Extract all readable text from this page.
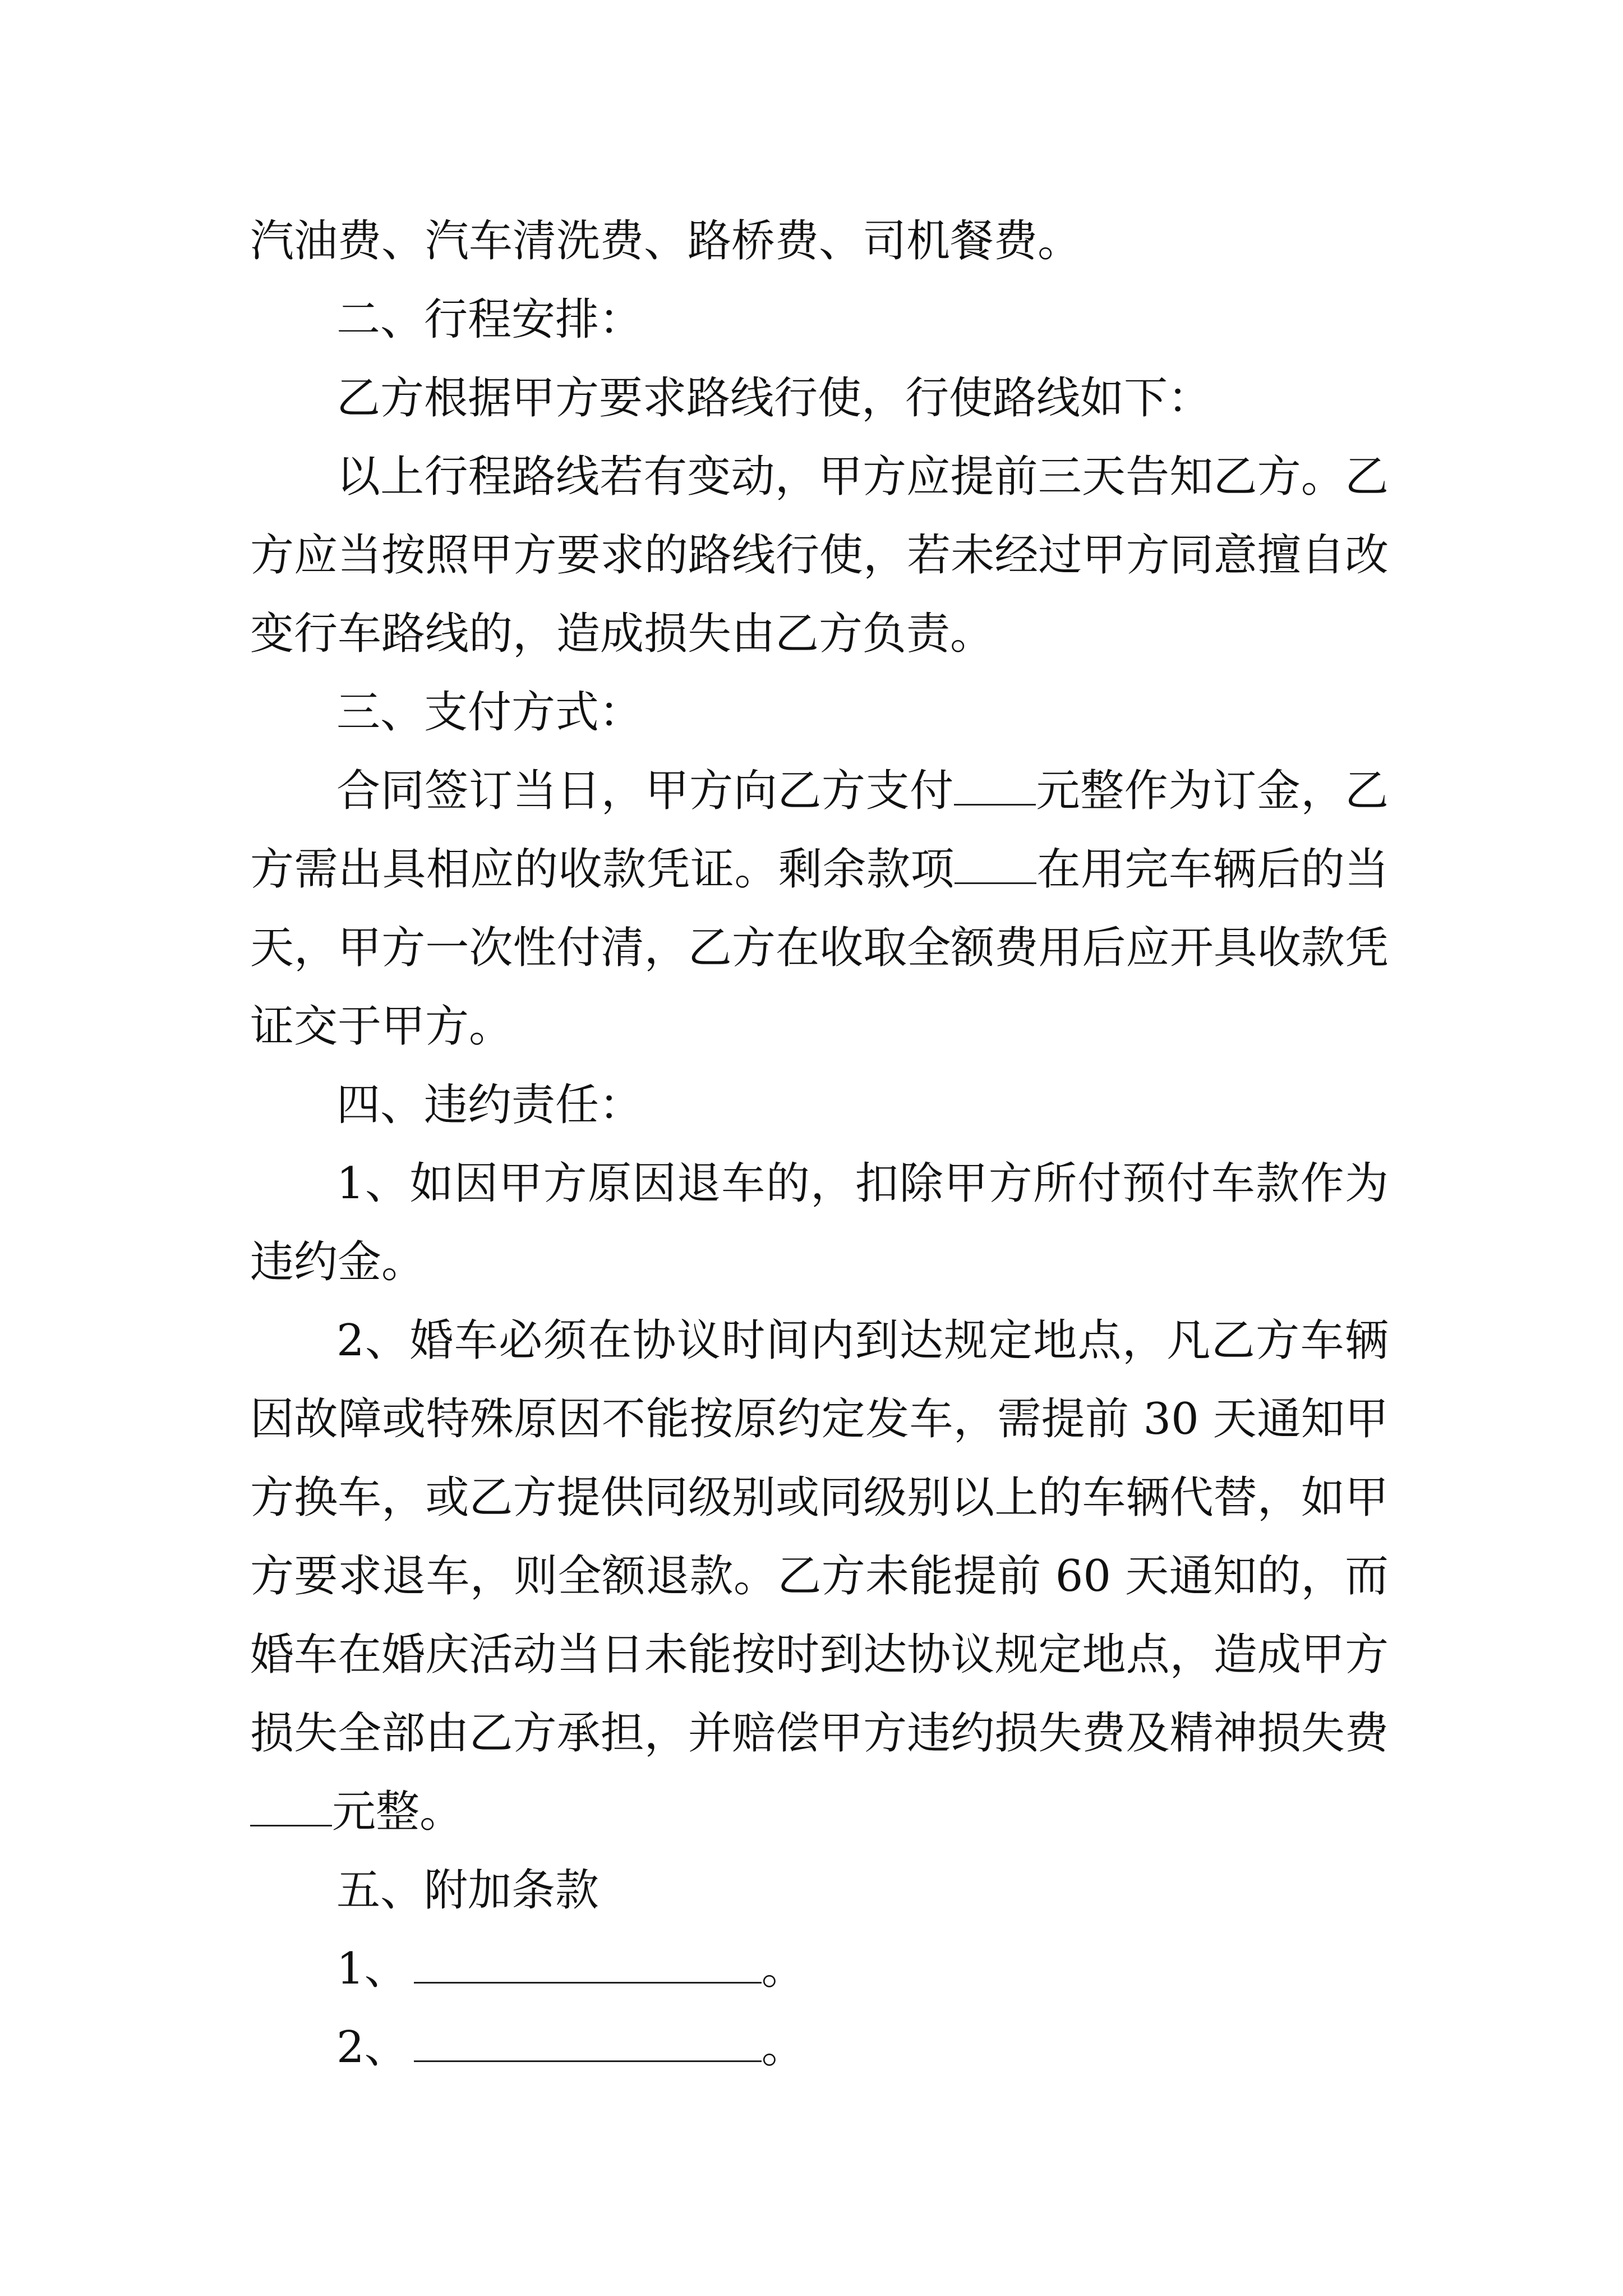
汽油费、汽车清洗费、路桥费、司机餐费。
二、行程安排：
乙方根据甲方要求路线行使，行使路线如下：
以上行程路线若有变动，甲方应提前三天告知乙方。乙
方应当按照甲方要求的路线行使，若未经过甲方同意擅自改
变行车路线的，造成损失由乙方负责。
三、支付方式：
合同签订当日，甲方向乙方支付 元整作为订金，乙
方需出具相应的收款凭证。剩余款项 在用完车辆后的当
天，甲方一次性付清，乙方在收取全额费用后应开具收款凭
证交于甲方。
四、违约责任：
1、如因甲方原因退车的，扣除甲方所付预付车款作为
违约金。
2、婚车必须在协议时间内到达规定地点，凡乙方车辆
因故障或特殊原因不能按原约定发车，需提前 30 天通知甲
方换车，或乙方提供同级别或同级别以上的车辆代替，如甲
方要求退车，则全额退款。乙方未能提前 60 天通知的，而
婚车在婚庆活动当日未能按时到达协议规定地点，造成甲方
损失全部由乙方承担，并赔偿甲方违约损失费及精神损失费
元整。
五、附加条款
1、	。
2、	。
